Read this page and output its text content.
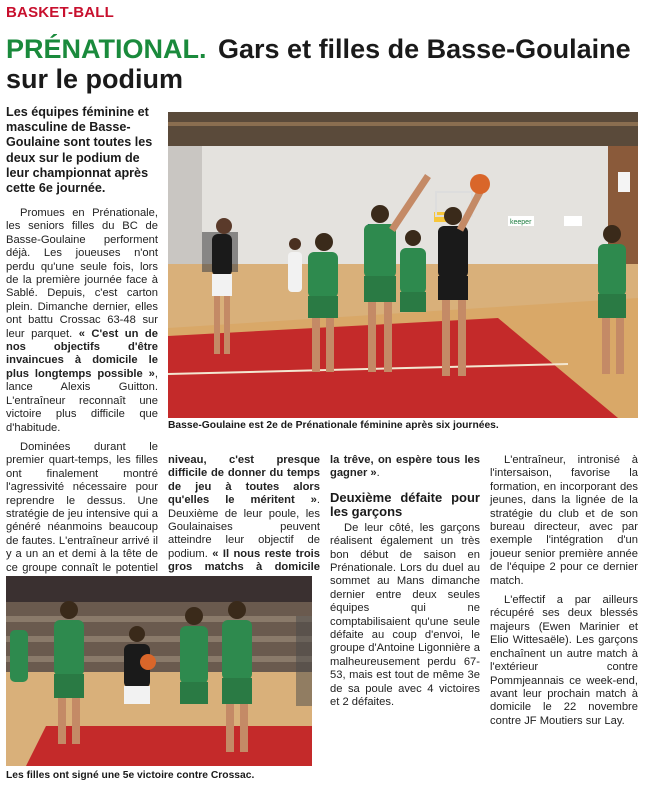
BASKET-BALL
PRÉNATIONAL. Gars et filles de Basse-Goulaine sur le podium

Les équipes féminine et masculine de Basse-Goulaine sont toutes les deux sur le podium de leur championnat après cette 6e journée.

keeper
Basse-Goulaine est 2e de Prénationale féminine après six journées.

Promues en Prénationale, les seniors filles du BC de Basse-Goulaine performent déjà. Les joueuses n'ont perdu qu'une seule fois, lors de la première journée face à Sablé. Depuis, c'est carton plein. Dimanche dernier, elles ont battu Crossac 63-48 sur leur parquet. « C'est un de nos objectifs d'être invaincues à domicile le plus longtemps possible », lance Alexis Guitton. L'entraîneur reconnaît une victoire plus difficile que d'habitude.

Dominées durant le premier quart-temps, les filles ont finalement montré l'agressivité nécessaire pour reprendre le dessus. Une stratégie de jeu intensive qui a généré néanmoins beaucoup de fautes. L'entraîneur arrivé il y a un an et demi à la tête de ce groupe connaît le potentiel

niveau, c'est presque difficile de donner du temps de jeu à toutes alors qu'elles le méritent ». Deuxième de leur poule, les Goulainaises peuvent atteindre leur objectif de podium. « Il nous reste trois gros matchs à domicile

la trêve, on espère tous les gagner ».

Deuxième défaite pour les garçons

De leur côté, les garçons réalisent également un très bon début de saison en Prénationale. Lors du duel au sommet au Mans dimanche dernier entre deux seules équipes qui ne comptabilisaient qu'une seule défaite au coup d'envoi, le groupe d'Antoine Ligonnière a malheureusement perdu 67-53, mais est tout de même 3e de sa poule avec 4 victoires et 2 défaites.

L'entraîneur, intronisé à l'intersaison, favorise la formation, en incorporant des jeunes, dans la lignée de la stratégie du club et de son bureau directeur, avec par exemple l'intégration d'un joueur senior première année de l'équipe 2 pour ce dernier match.

L'effectif a par ailleurs récupéré ses deux blessés majeurs (Ewen Marinier et Elio Wittesaële). Les garçons enchaînent un autre match à l'extérieur contre Pommjeannais ce week-end, avant leur prochain match à domicile le 22 novembre contre JF Moutiers sur Lay.

Les filles ont signé une 5e victoire contre Crossac.
